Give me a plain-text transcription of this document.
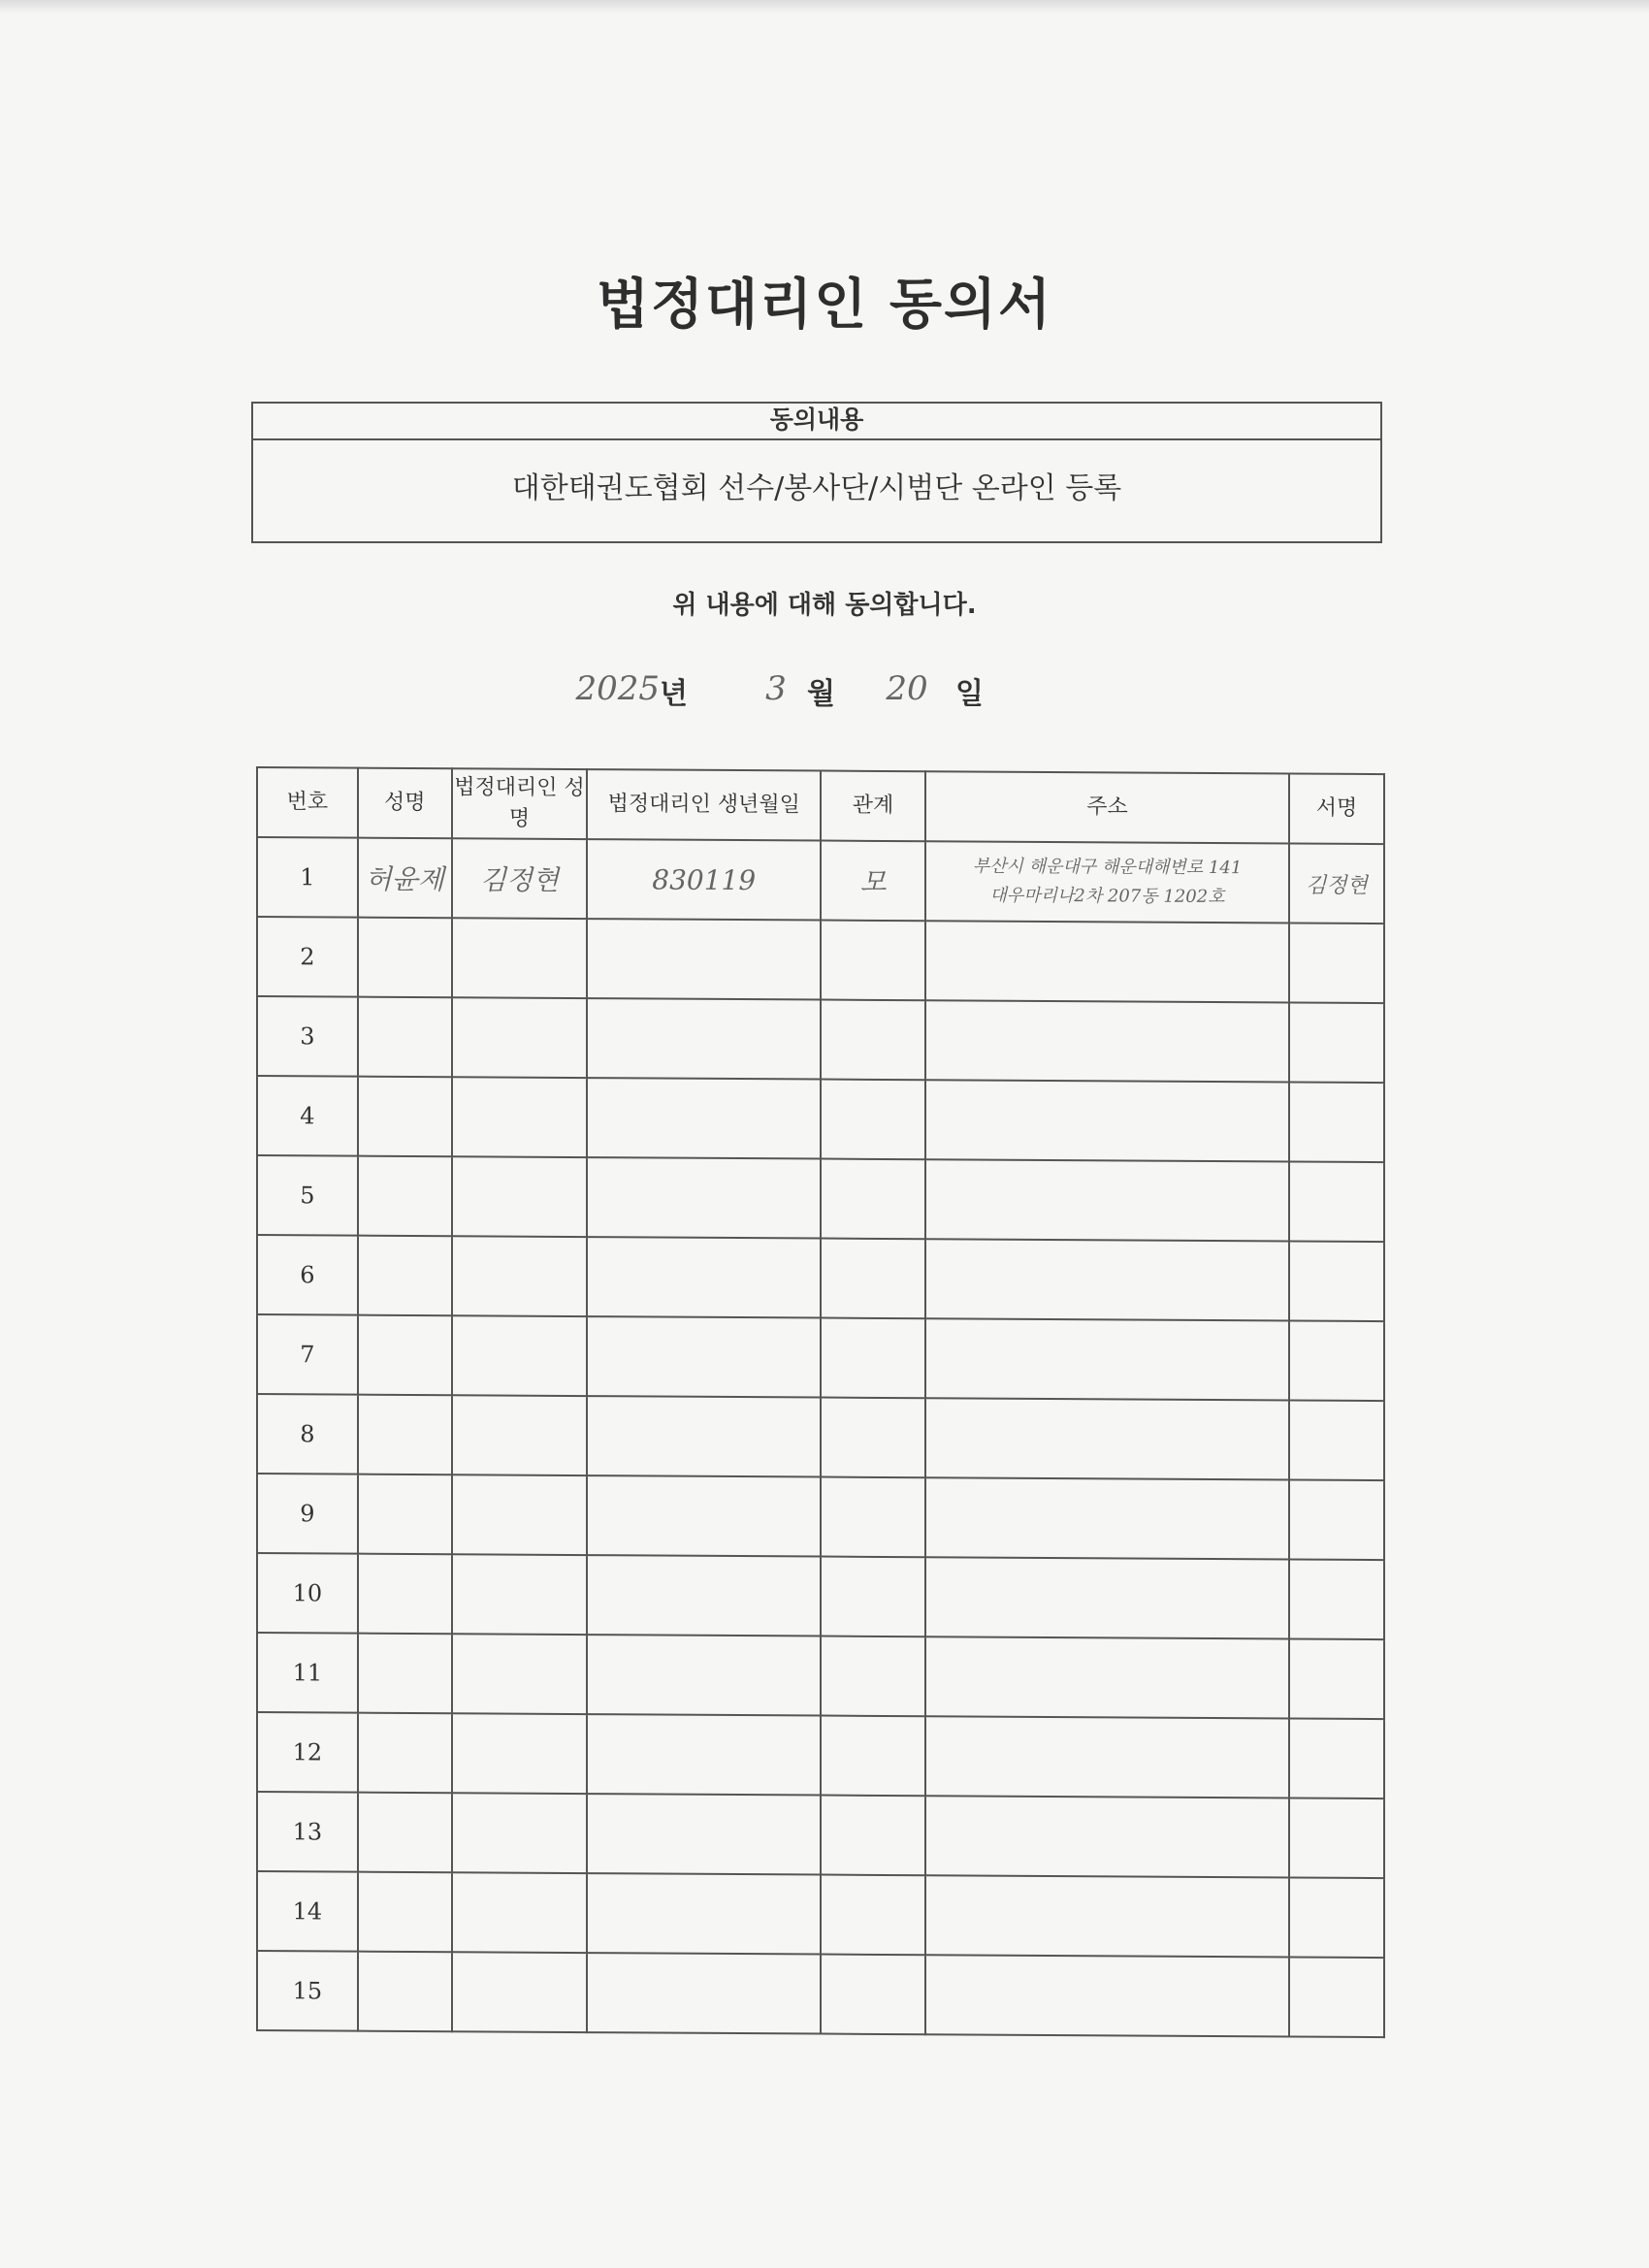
법정대리인 동의서
동의내용
대한태권도협회 선수/봉사단/시범단 온라인 등록
위 내용에 대해 동의합니다.
2025 년 3 월 20 일
번호	성명	법정대리인 성명	법정대리인 생년월일	관계	주소	서명
1	허윤제	김정현	830119	모	부산시 해운대구 해운대해변로 141
대우마리나2차 207동 1202호	김정현
2						
3						
4						
5						
6						
7						
8						
9						
10						
11						
12						
13						
14						
15						
